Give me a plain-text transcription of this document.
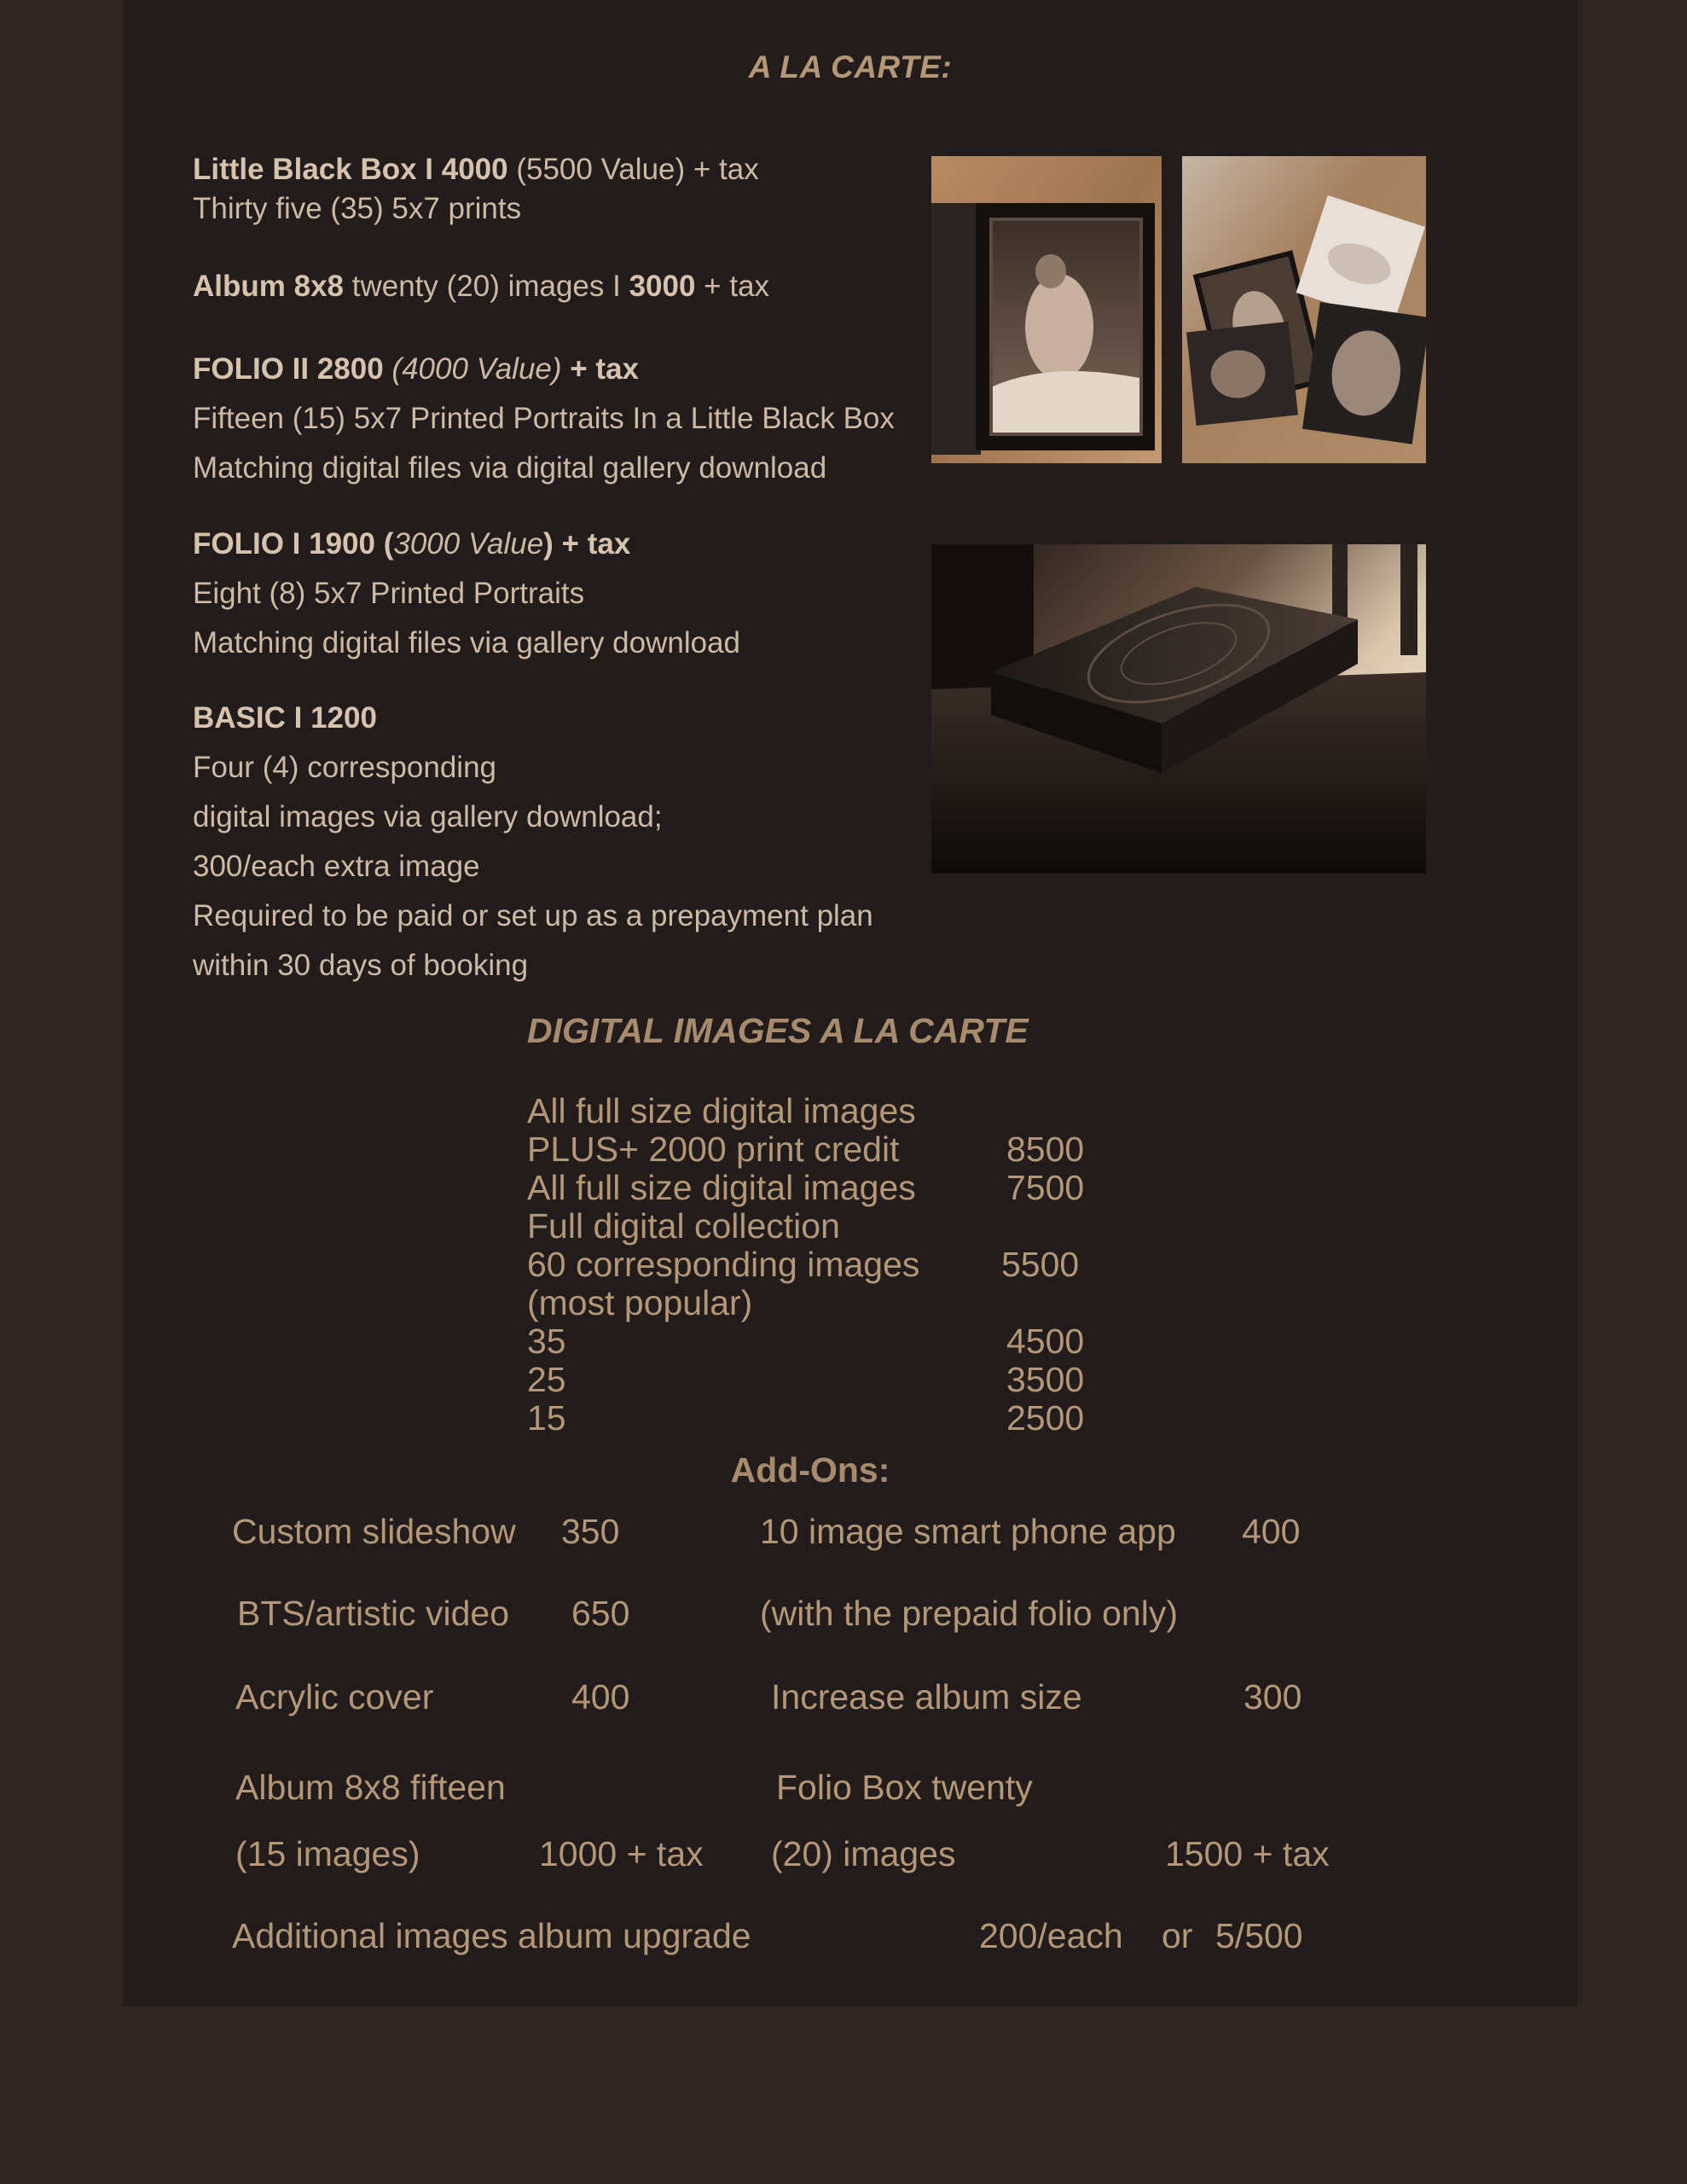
A LA CARTE:
Little Black Box I 4000 (5500 Value) + tax
Thirty five (35) 5x7 prints
Album 8x8 twenty (20) images I 3000 + tax
FOLIO II 2800 (4000 Value) + tax
Fifteen (15) 5x7 Printed Portraits In a Little Black Box
Matching digital files via digital gallery download
FOLIO I 1900 (3000 Value) + tax
Eight (8) 5x7 Printed Portraits
Matching digital files via gallery download
BASIC I 1200
Four (4) corresponding
digital images via gallery download;
300/each extra image
Required to be paid or set up as a prepayment plan
within 30 days of booking
DIGITAL IMAGES A LA CARTE
All full size digital images
PLUS+ 2000 print credit	8500
All full size digital images	7500
Full digital collection
60 corresponding images 5500
(most popular)
35	4500
25	3500
15	2500
Add-Ons:
Custom slideshow 350	10 image smart phone app 400
BTS/artistic video 650	(with the prepaid folio only)
Acrylic cover	400	Increase album size	300
Album 8x8 fifteen	Folio Box twenty
(15 images)	1000 + tax (20) images	1500 + tax
Additional images album upgrade	200/each or 5/500
